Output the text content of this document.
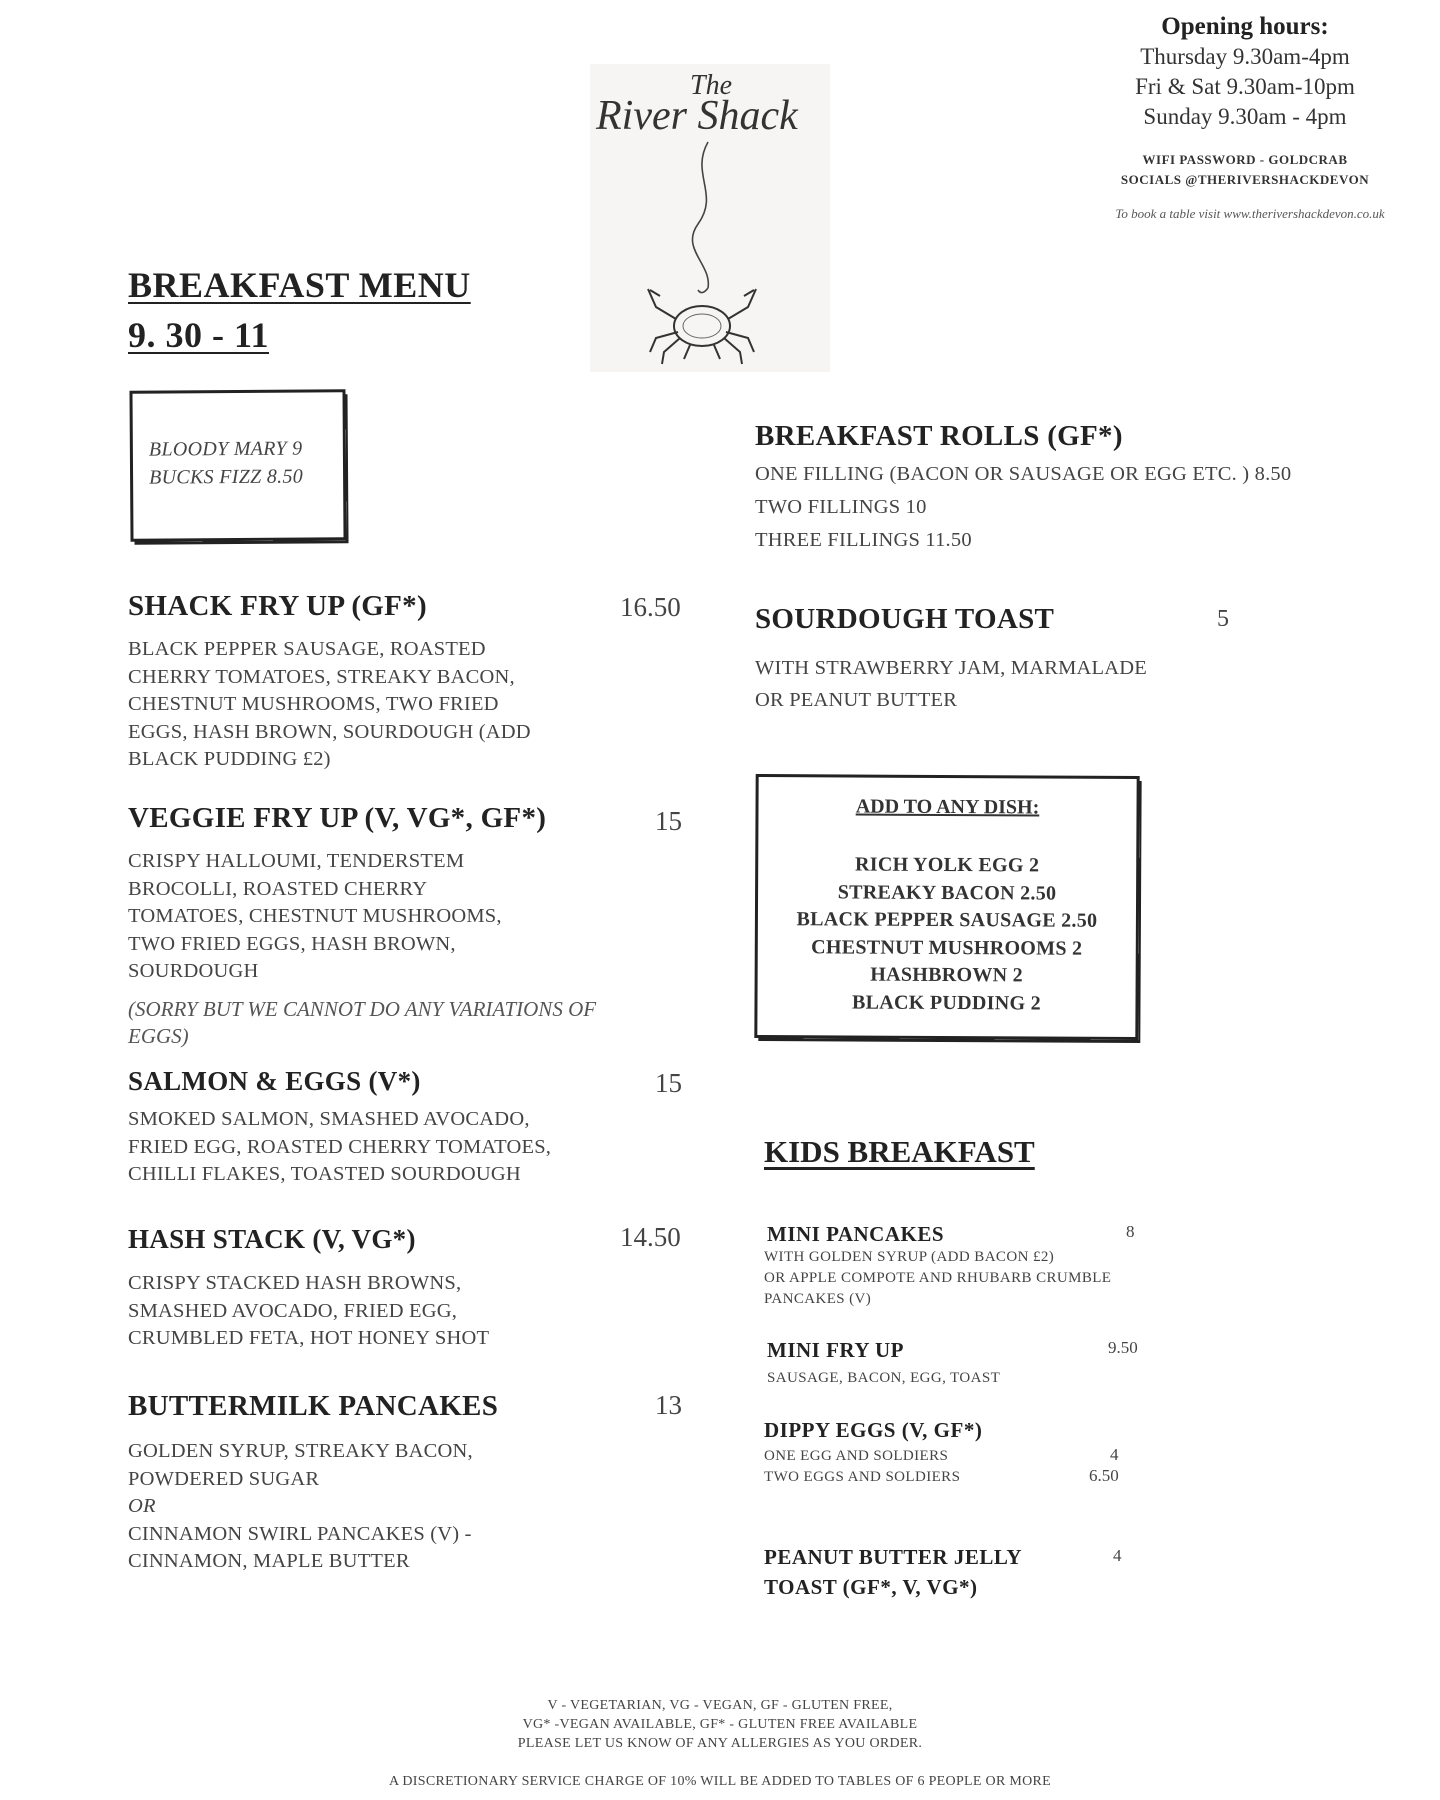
The
River Shack
Opening hours:
Thursday 9.30am-4pm
Fri & Sat 9.30am-10pm
Sunday 9.30am - 4pm
WIFI PASSWORD - GOLDCRAB
SOCIALS @THERIVERSHACKDEVON
To book a table visit www.therivershackdevon.co.uk
BREAKFAST MENU
9. 30 - 11
BLOODY MARY 9
BUCKS FIZZ 8.50
SHACK FRY UP (GF*)	16.50
BLACK PEPPER SAUSAGE, ROASTED
CHERRY TOMATOES, STREAKY BACON,
CHESTNUT MUSHROOMS, TWO FRIED
EGGS, HASH BROWN, SOURDOUGH (ADD
BLACK PUDDING £2)
VEGGIE FRY UP (V, VG*, GF*)	15
CRISPY HALLOUMI, TENDERSTEM
BROCOLLI, ROASTED CHERRY
TOMATOES, CHESTNUT MUSHROOMS,
TWO FRIED EGGS, HASH BROWN,
SOURDOUGH
(SORRY BUT WE CANNOT DO ANY VARIATIONS OF
EGGS)
SALMON & EGGS (V*)	15
SMOKED SALMON, SMASHED AVOCADO,
FRIED EGG, ROASTED CHERRY TOMATOES,
CHILLI FLAKES, TOASTED SOURDOUGH
HASH STACK (V, VG*)	14.50
CRISPY STACKED HASH BROWNS,
SMASHED AVOCADO, FRIED EGG,
CRUMBLED FETA, HOT HONEY SHOT
BUTTERMILK PANCAKES	13
GOLDEN SYRUP, STREAKY BACON,
POWDERED SUGAR
OR
CINNAMON SWIRL PANCAKES (V) -
CINNAMON, MAPLE BUTTER
BREAKFAST ROLLS (GF*)
ONE FILLING (BACON OR SAUSAGE OR EGG ETC. ) 8.50
TWO FILLINGS 10
THREE FILLINGS 11.50
SOURDOUGH TOAST	5
WITH STRAWBERRY JAM, MARMALADE
OR PEANUT BUTTER
ADD TO ANY DISH:
RICH YOLK EGG 2
STREAKY BACON 2.50
BLACK PEPPER SAUSAGE 2.50
CHESTNUT MUSHROOMS 2
HASHBROWN 2
BLACK PUDDING 2
KIDS BREAKFAST
MINI PANCAKES	8
WITH GOLDEN SYRUP (ADD BACON £2)
OR APPLE COMPOTE AND RHUBARB CRUMBLE
PANCAKES (V)
MINI FRY UP	9.50
SAUSAGE, BACON, EGG, TOAST
DIPPY EGGS (V, GF*)
ONE EGG AND SOLDIERS	4
TWO EGGS AND SOLDIERS	6.50
PEANUT BUTTER JELLY
TOAST (GF*, V, VG*)
4
V - VEGETARIAN, VG - VEGAN, GF - GLUTEN FREE,
VG* -VEGAN AVAILABLE, GF* - GLUTEN FREE AVAILABLE
PLEASE LET US KNOW OF ANY ALLERGIES AS YOU ORDER.
A DISCRETIONARY SERVICE CHARGE OF 10% WILL BE ADDED TO TABLES OF 6 PEOPLE OR MORE
